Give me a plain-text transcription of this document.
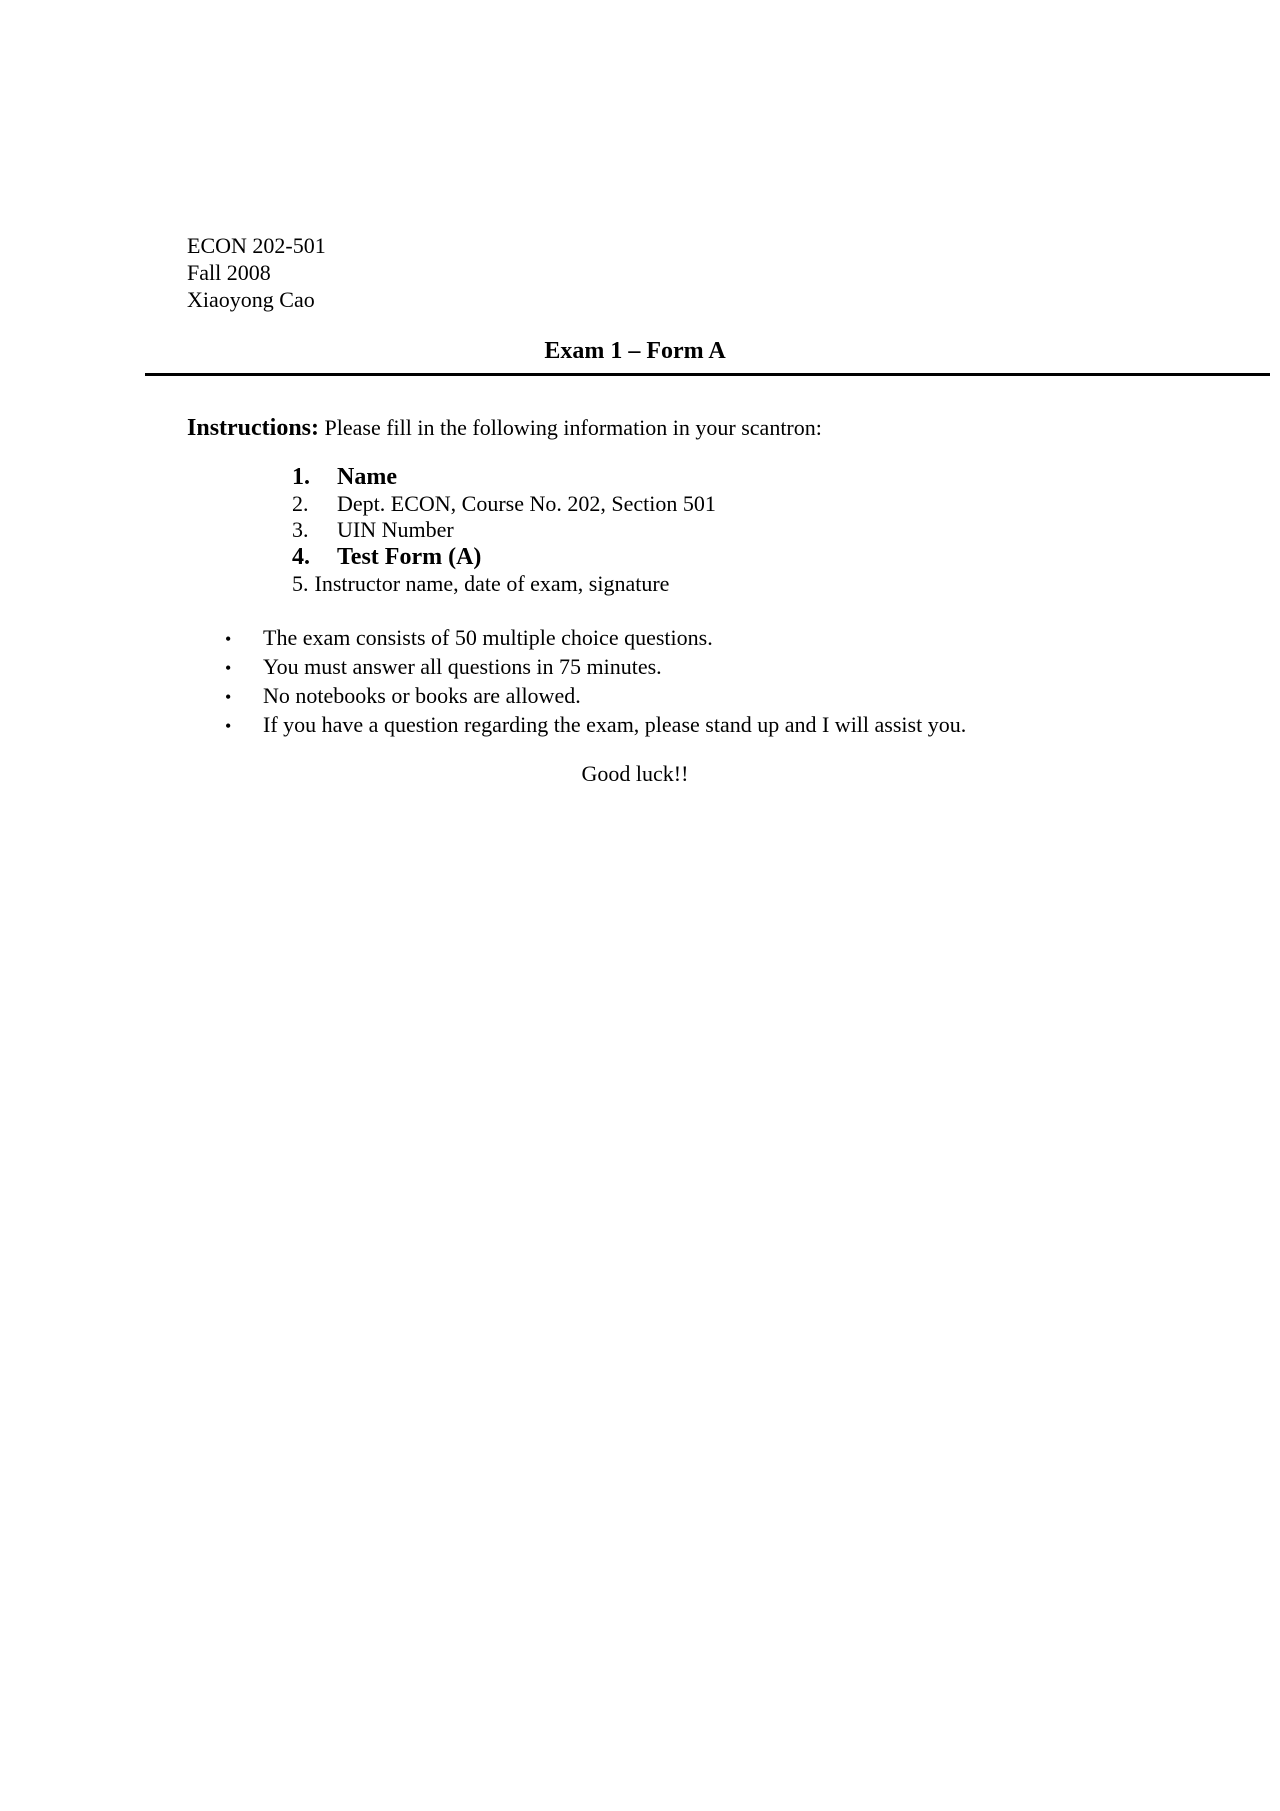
ECON 202-501
Fall 2008
Xiaoyong Cao
Exam 1 – Form A
Instructions: Please fill in the following information in your scantron:
1.	Name
2.	Dept. ECON, Course No. 202, Section 501
3.	UIN Number
4.	Test Form (A)
5. Instructor name, date of exam, signature
•	The exam consists of 50 multiple choice questions.
•	You must answer all questions in 75 minutes.
•	No notebooks or books are allowed.
•	If you have a question regarding the exam, please stand up and I will assist you.
Good luck!!
